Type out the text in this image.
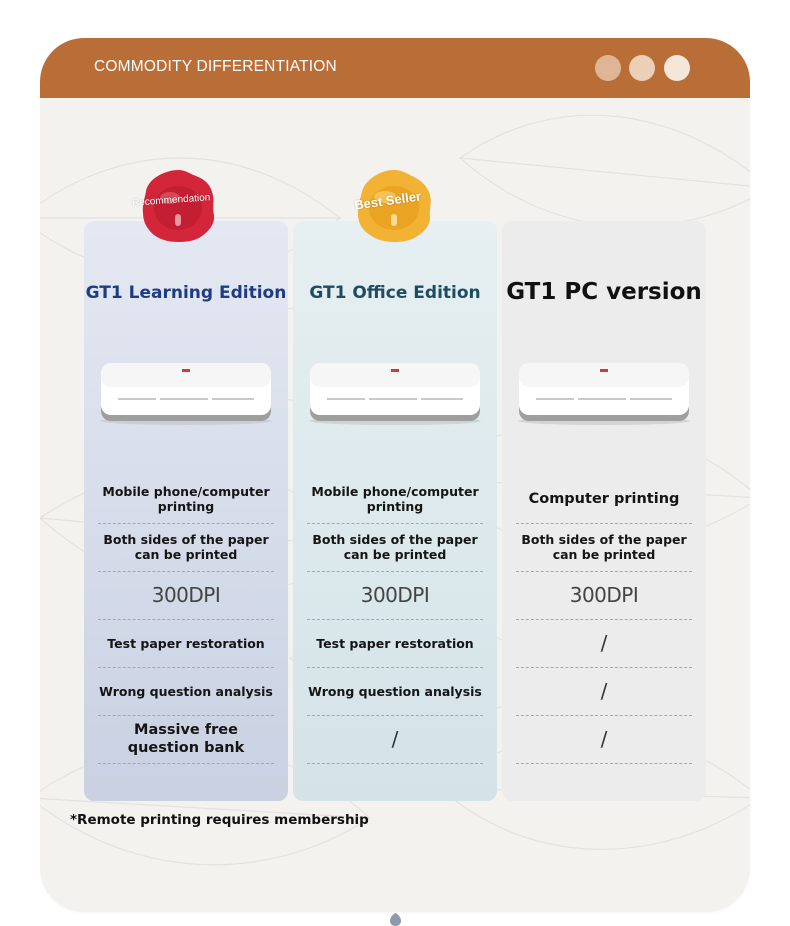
COMMODITY DIFFERENTIATION
GT1 Learning Edition
Mobile phone/computer printing
Both sides of the paper can be printed
300DPI
Test paper restoration
Wrong question analysis
Massive free question bank
GT1 Office Edition
Mobile phone/computer printing
Both sides of the paper can be printed
300DPI
Test paper restoration
Wrong question analysis
/
GT1 PC version
Computer printing
Both sides of the paper can be printed
300DPI
/
/
/
Recommendation	Best Seller
*Remote printing requires membership
